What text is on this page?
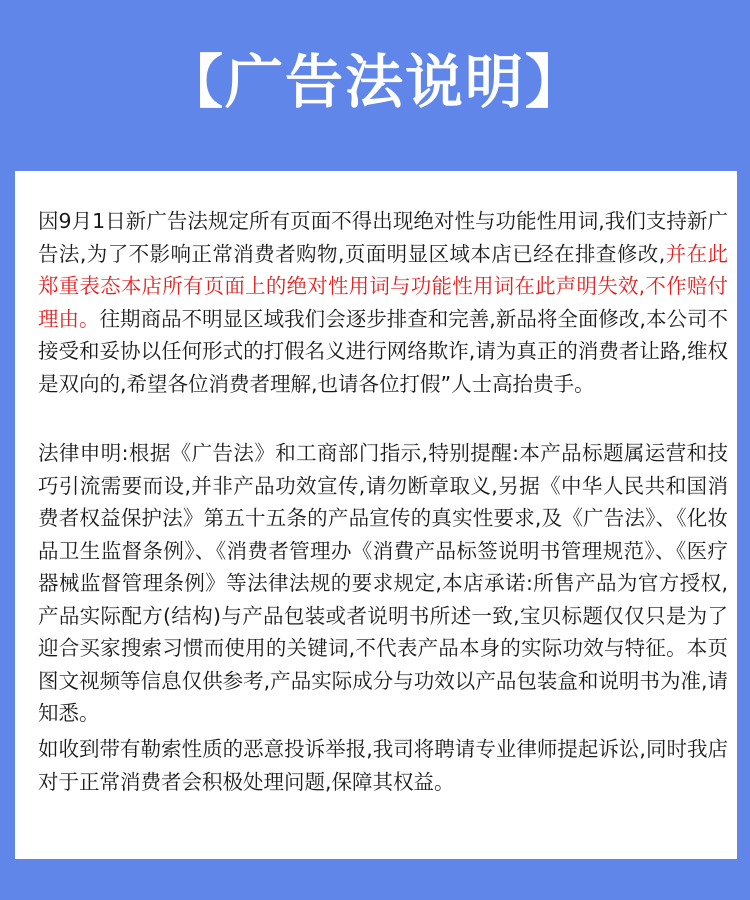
【广告法说明】

因9月1日新广告法规定所有页面不得出现绝对性与功能性用词,我们支持新广告法,为了不影响正常消费者购物,页面明显区域本店已经在排查修改,并在此郑重表态本店所有页面上的绝对性用词与功能性用词在此声明失效,不作赔付理由。往期商品不明显区域我们会逐步排查和完善,新品将全面修改,本公司不接受和妥协以任何形式的打假名义进行网络欺诈,请为真正的消费者让路,维权是双向的,希望各位消费者理解,也请各位打假”人士高抬贵手。

法律申明:根据《广告法》和工商部门指示,特别提醒:本产品标题属运营和技巧引流需要而设,并非产品功效宣传,请勿断章取义,另据《中华人民共和国消费者权益保护法》第五十五条的产品宣传的真实性要求,及《广告法》、《化妆品卫生监督条例》、《消费者管理办《消費产品标签说明书管理规范》、《医疗器械监督管理条例》等法律法规的要求规定,本店承诺:所售产品为官方授权,产品实际配方(结构)与产品包装或者说明书所述一致,宝贝标题仅仅只是为了迎合买家搜索习惯而使用的关键词,不代表产品本身的实际功效与特征。本页图文视频等信息仅供参考,产品实际成分与功效以产品包装盒和说明书为准,请知悉。

如收到带有勒索性质的恶意投诉举报,我司将聘请专业律师提起诉讼,同时我店对于正常消费者会积极处理问题,保障其权益。
